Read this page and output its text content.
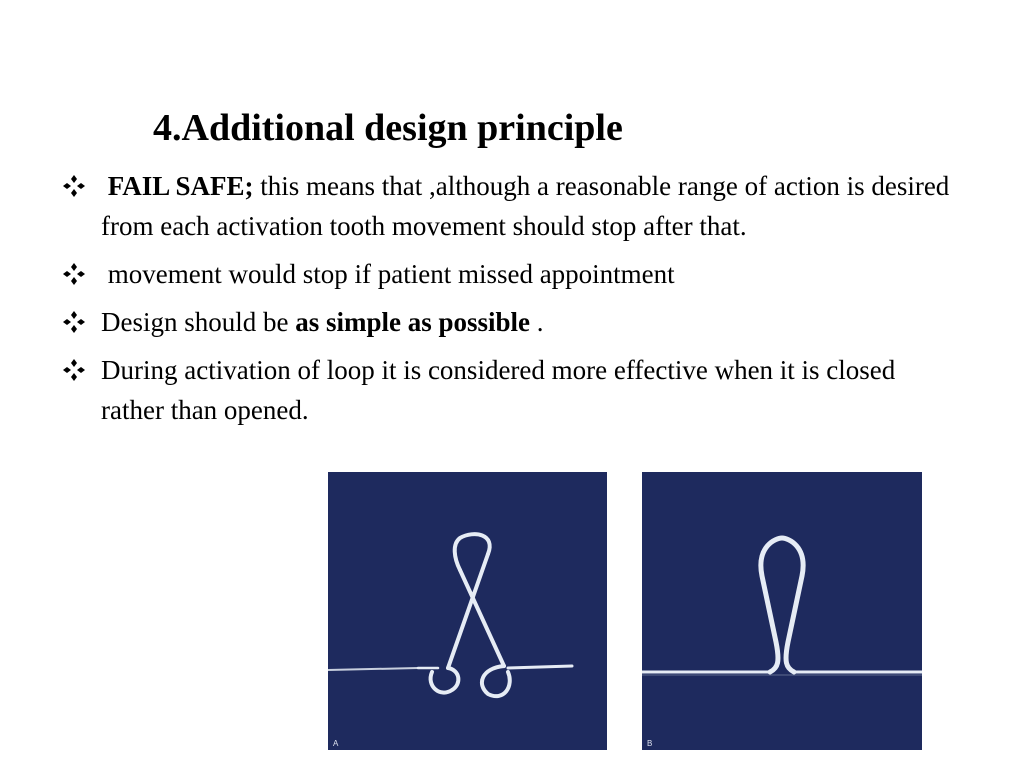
4.Additional design principle
FAIL SAFE; this means that ,although a reasonable range of action is desired from each activation tooth movement should stop after that.
movement would stop if patient missed appointment
Design should be as simple as possible .
During activation of loop it is considered more effective when it is closed rather than opened.
A	B
